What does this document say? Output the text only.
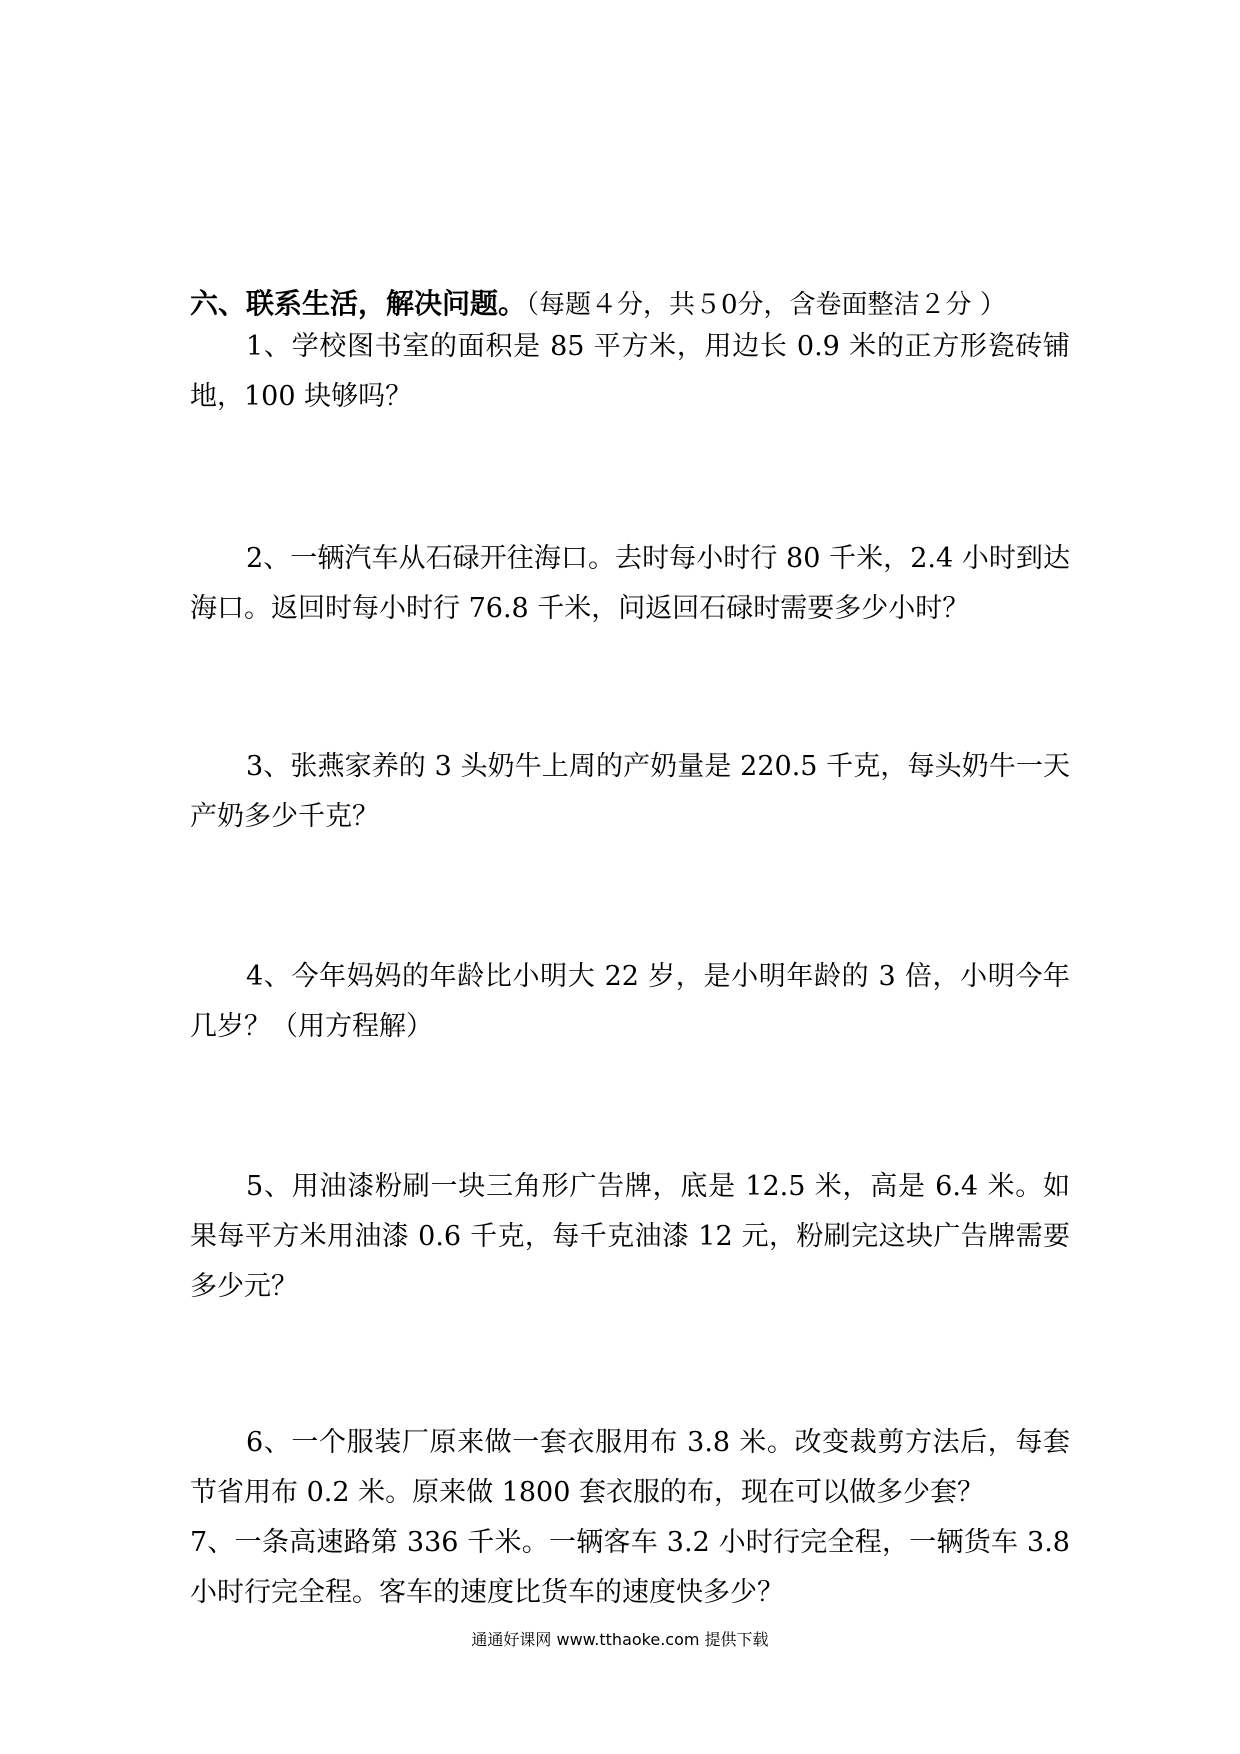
六、联系生活，解决问题。（每题４分，共５0分，含卷面整洁２分 ）
1、学校图书室的面积是 85 平方米，用边长 0.9 米的正方形瓷砖铺地，100 块够吗？
2、一辆汽车从石碌开往海口。去时每小时行 80 千米，2.4 小时到达海口。返回时每小时行 76.8 千米，问返回石碌时需要多少小时？
3、张燕家养的 3 头奶牛上周的产奶量是 220.5 千克，每头奶牛一天产奶多少千克？
4、今年妈妈的年龄比小明大 22 岁，是小明年龄的 3 倍，小明今年几岁？（用方程解）
5、用油漆粉刷一块三角形广告牌，底是 12.5 米，高是 6.4 米。如果每平方米用油漆 0.6 千克，每千克油漆 12 元，粉刷完这块广告牌需要多少元？
6、一个服装厂原来做一套衣服用布 3.8 米。改变裁剪方法后，每套节省用布 0.2 米。原来做 1800 套衣服的布，现在可以做多少套？
7、一条高速路第 336 千米。一辆客车 3.2 小时行完全程，一辆货车 3.8 小时行完全程。客车的速度比货车的速度快多少？
通通好课网 www.tthaoke.com 提供下载
